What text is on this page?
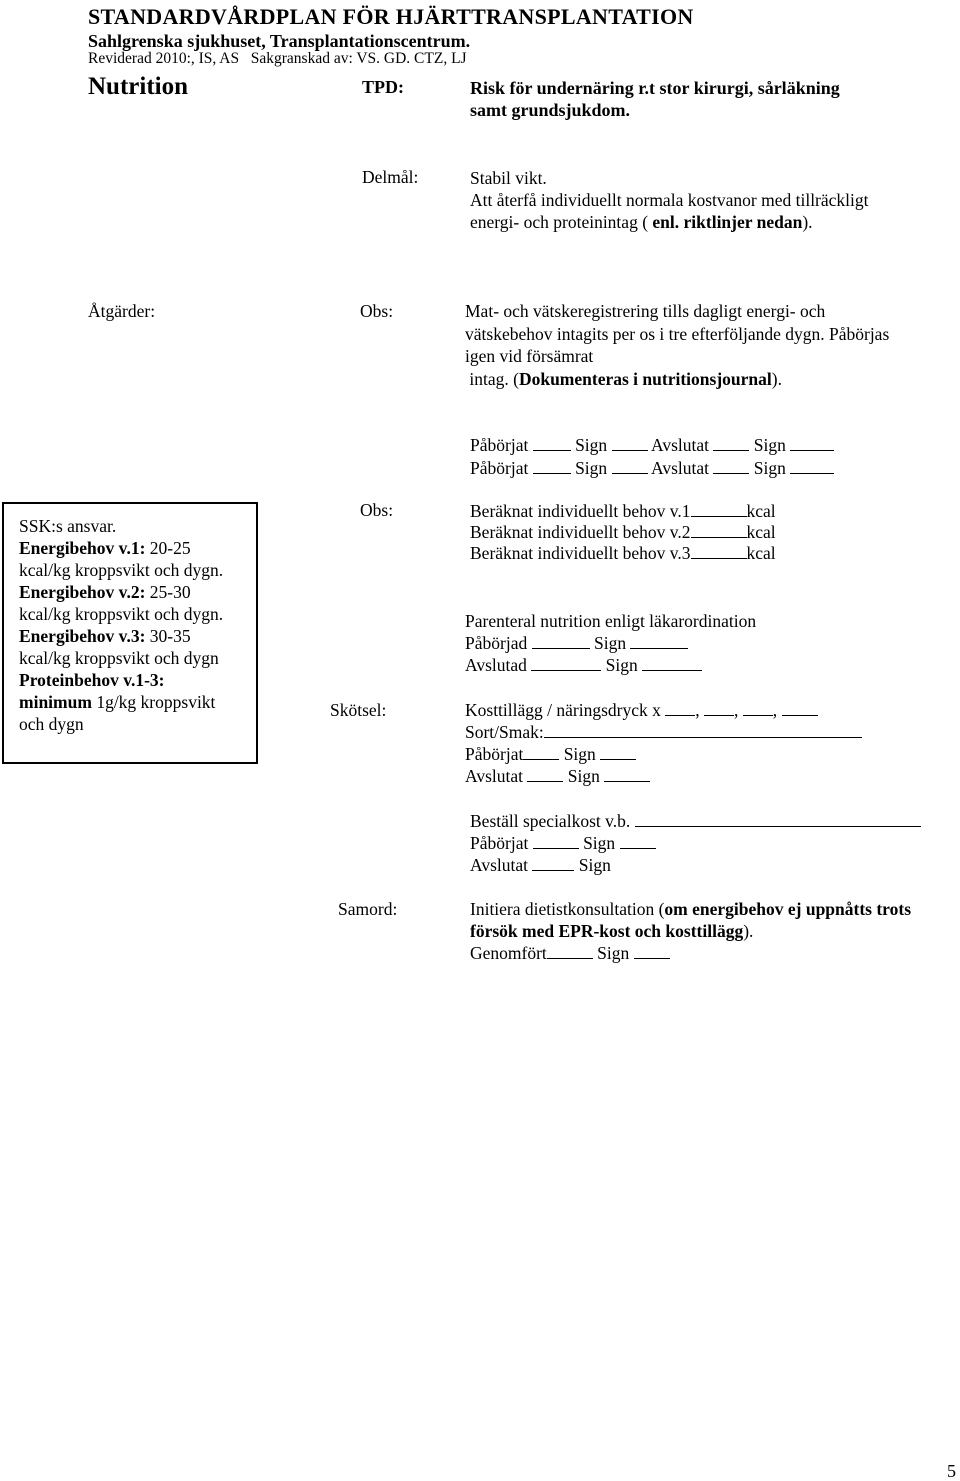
STANDARDVÅRDPLAN FÖR HJÄRTTRANSPLANTATION
Sahlgrenska sjukhuset, Transplantationscentrum.
Reviderad 2010:, IS, AS   Sakgranskad av: VS. GD. CTZ, LJ
Nutrition	TPD:	Risk för undernäring r.t stor kirurgi, sårläkning
samt grundsjukdom.
Delmål:	Stabil vikt.
Att återfå individuellt normala kostvanor med tillräckligt
energi- och proteinintag ( enl. riktlinjer nedan).
Åtgärder:	Obs:	Mat- och vätskeregistrering tills dagligt energi- och
vätskebehov intagits per os i tre efterföljande dygn. Påbörjas
igen vid försämrat
intag. (Dokumenteras i nutritionsjournal).
Påbörjat	Sign	Avslutat	Sign
Påbörjat	Sign	Avslutat	Sign
SSK:s ansvar.
Energibehov v.1: 20-25
kcal/kg kroppsvikt och dygn.
Energibehov v.2: 25-30
kcal/kg kroppsvikt och dygn.
Energibehov v.3: 30-35
kcal/kg kroppsvikt och dygn
Proteinbehov v.1-3:
minimum 1g/kg kroppsvikt
och dygn
Obs:	Beräknat individuellt behov v.1	kcal
Beräknat individuellt behov v.2	kcal
Beräknat individuellt behov v.3	kcal
Parenteral nutrition enligt läkarordination
Påbörjad	Sign
Avslutad	Sign
Skötsel:	Kosttillägg / näringsdryck x , , ,
Sort/Smak:
Påbörjat Sign
Avslutat	Sign
Beställ specialkost v.b.
Påbörjat	Sign
Avslutat	Sign
Samord:	Initiera dietistkonsultation (om energibehov ej uppnåtts trots
försök med EPR-kost och kosttillägg).
Genomfört	Sign
5
